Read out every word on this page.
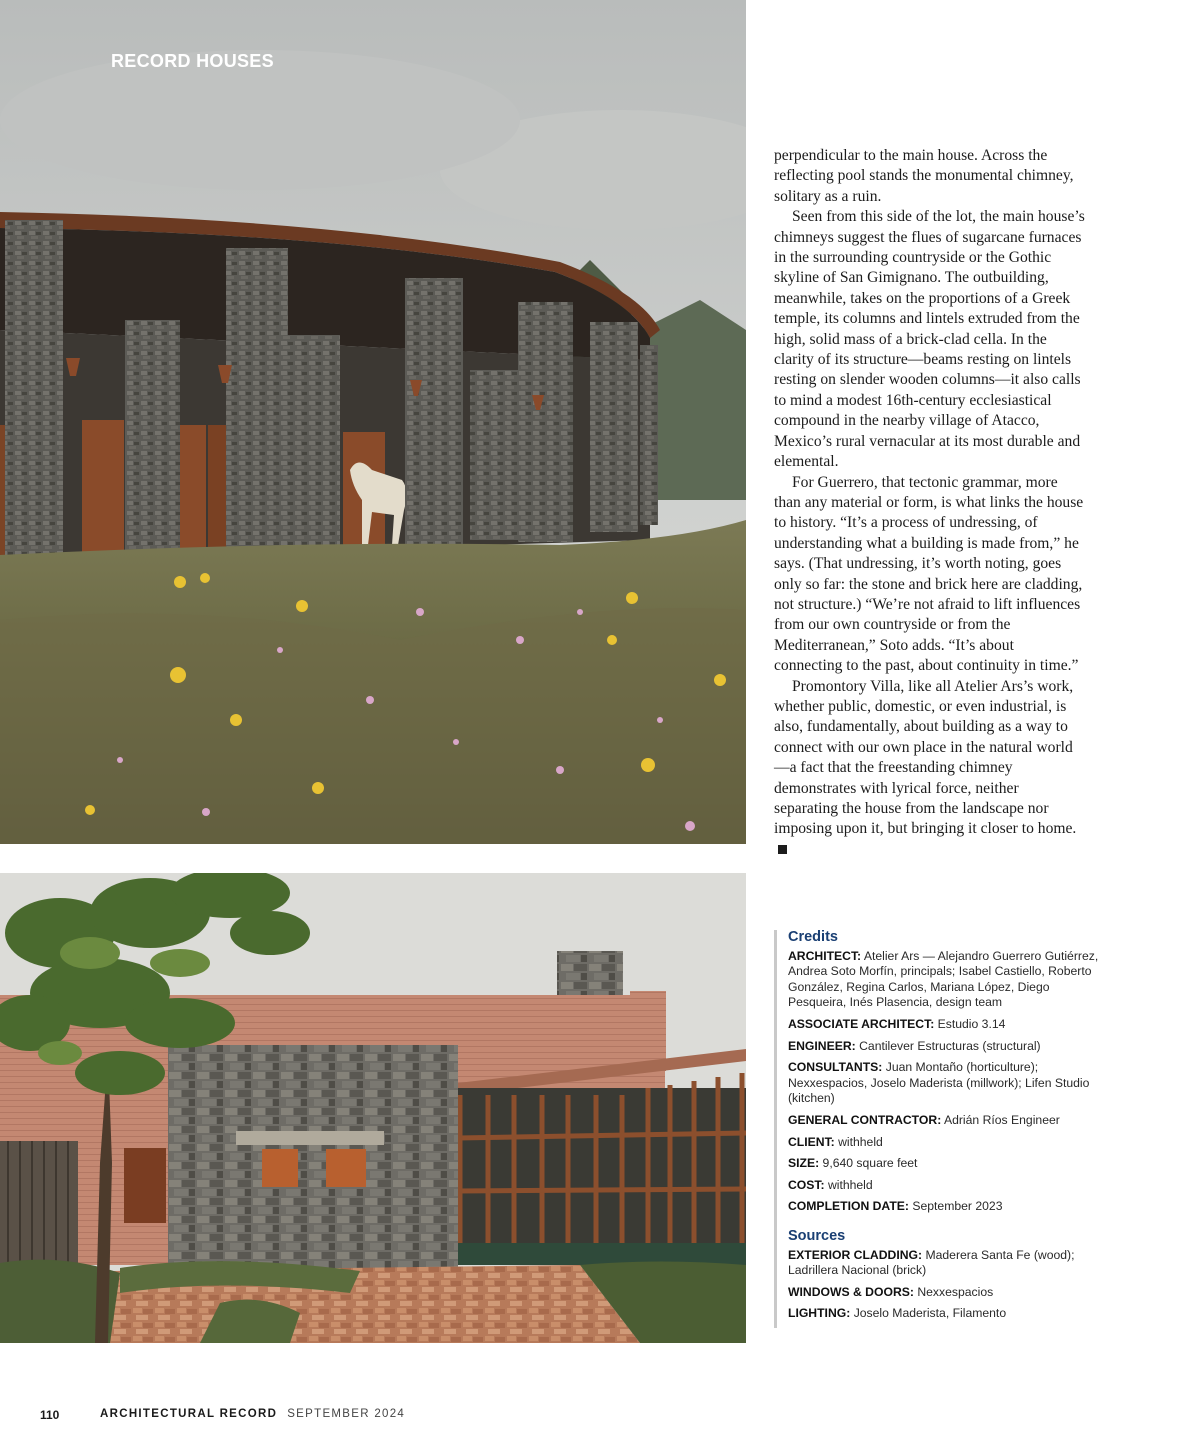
RECORD HOUSES

perpendicular to the main house. Across the reflecting pool stands the monumental chimney, solitary as a ruin.

Seen from this side of the lot, the main house’s chimneys suggest the flues of sugarcane furnaces in the surrounding countryside or the Gothic skyline of San Gimignano. The outbuilding, meanwhile, takes on the proportions of a Greek temple, its columns and lintels extruded from the high, solid mass of a brick-clad cella. In the clarity of its structure—beams resting on lintels resting on slender wooden columns—it also calls to mind a modest 16th-century ecclesiastical compound in the nearby village of Atacco, Mexico’s rural vernacular at its most durable and elemental.

For Guerrero, that tectonic grammar, more than any material or form, is what links the house to history. “It’s a process of undressing, of understanding what a building is made from,” he says. (That undressing, it’s worth noting, goes only so far: the stone and brick here are cladding, not structure.) “We’re not afraid to lift influences from our own countryside or from the Mediterranean,” Soto adds. “It’s about connecting to the past, about continuity in time.”

Promontory Villa, like all Atelier Ars’s work, whether public, domestic, or even industrial, is also, fundamentally, about building as a way to connect with our own place in the natural world—a fact that the freestanding chimney demonstrates with lyrical force, neither separating the house from the landscape nor imposing upon it, but bringing it closer to home.

Credits
ARCHITECT: Atelier Ars — Alejandro Guerrero Gutiérrez, Andrea Soto Morfín, principals; Isabel Castiello, Roberto González, Regina Carlos, Mariana López, Diego Pesqueira, Inés Plasencia, design team
ASSOCIATE ARCHITECT: Estudio 3.14
ENGINEER: Cantilever Estructuras (structural)
CONSULTANTS: Juan Montaño (horticulture); Nexxespacios, Joselo Maderista (millwork); Lifen Studio (kitchen)
GENERAL CONTRACTOR: Adrián Ríos Engineer
CLIENT: withheld
SIZE: 9,640 square feet
COST: withheld
COMPLETION DATE: September 2023
Sources
EXTERIOR CLADDING: Maderera Santa Fe (wood); Ladrillera Nacional (brick)
WINDOWS & DOORS: Nexxespacios
LIGHTING: Joselo Maderista, Filamento
110	ARCHITECTURAL RECORD SEPTEMBER 2024
